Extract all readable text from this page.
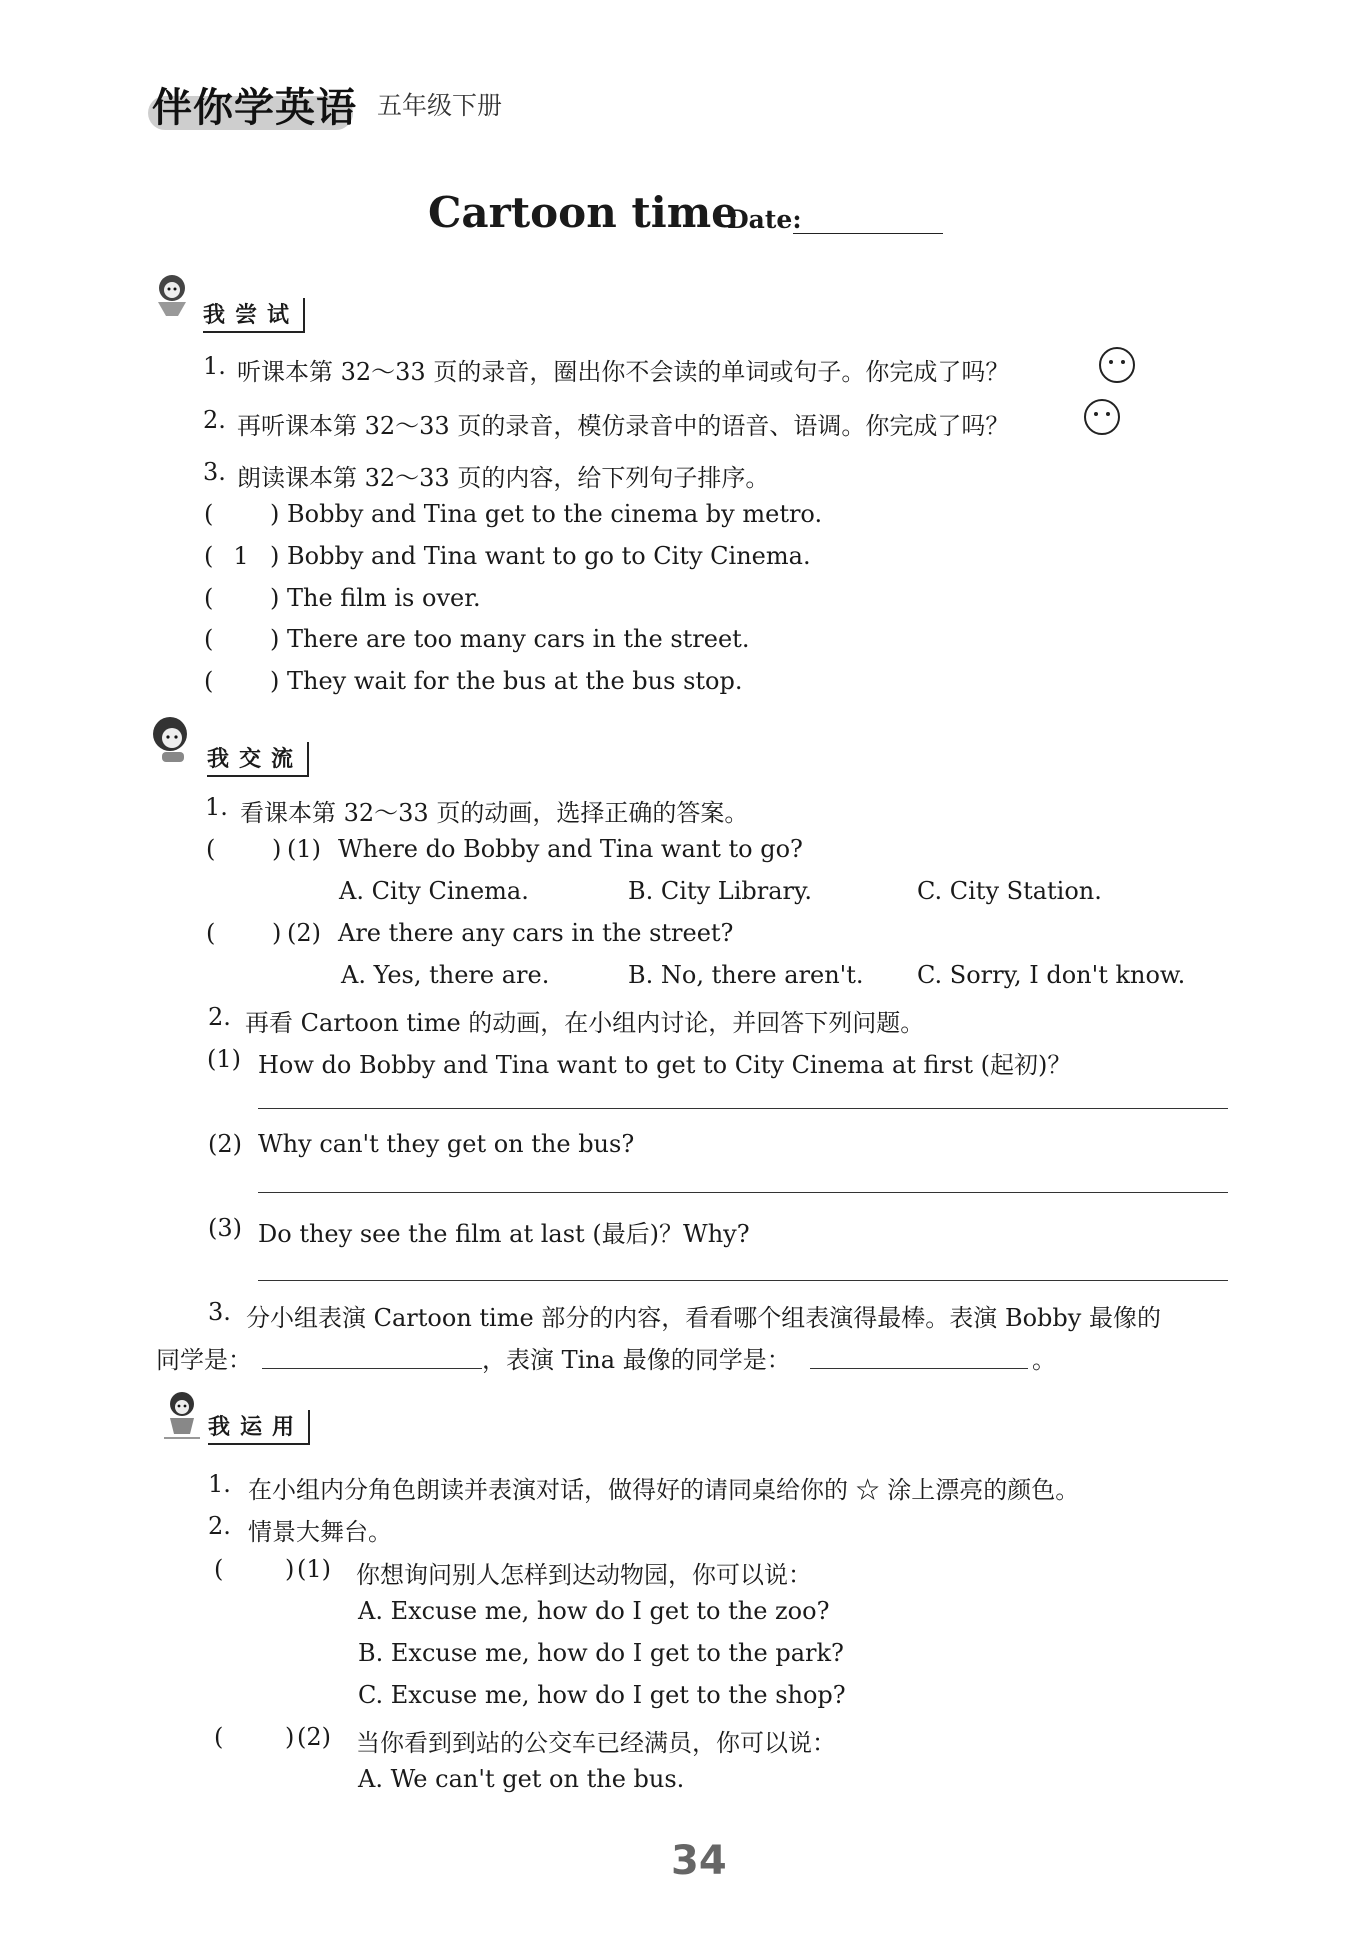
伴你学英语 五年级下册
Cartoon time
Date:
我尝试
1. 听课本第 32～33 页的录音，圈出你不会读的单词或句子。你完成了吗？
2. 再听课本第 32～33 页的录音，模仿录音中的语音、语调。你完成了吗？
3. 朗读课本第 32～33 页的内容，给下列句子排序。
( ) Bobby and Tina get to the cinema by metro.
( 1 ) Bobby and Tina want to go to City Cinema.
( ) The film is over.
( ) There are too many cars in the street.
( ) They wait for the bus at the bus stop.
我交流
1. 看课本第 32～33 页的动画，选择正确的答案。
( ) (1) Where do Bobby and Tina want to go?
A. City Cinema.	B. City Library.	C. City Station.
( ) (2) Are there any cars in the street?
A. Yes, there are.	B. No, there aren't. C. Sorry, I don't know.
2. 再看 Cartoon time 的动画，在小组内讨论，并回答下列问题。
(1) How do Bobby and Tina want to get to City Cinema at first (起初)？
(2) Why can't they get on the bus?
(3) Do they see the film at last (最后)？Why?
3. 分小组表演 Cartoon time 部分的内容，看看哪个组表演得最棒。表演 Bobby 最像的
同学是：	，表演 Tina 最像的同学是：	。
我运用
1. 在小组内分角色朗读并表演对话，做得好的请同桌给你的 ☆ 涂上漂亮的颜色。
2. 情景大舞台。
(	) (1) 你想询问别人怎样到达动物园，你可以说：
A. Excuse me, how do I get to the zoo?
B. Excuse me, how do I get to the park?
C. Excuse me, how do I get to the shop?
(	) (2) 当你看到到站的公交车已经满员，你可以说：
A. We can't get on the bus.
34
